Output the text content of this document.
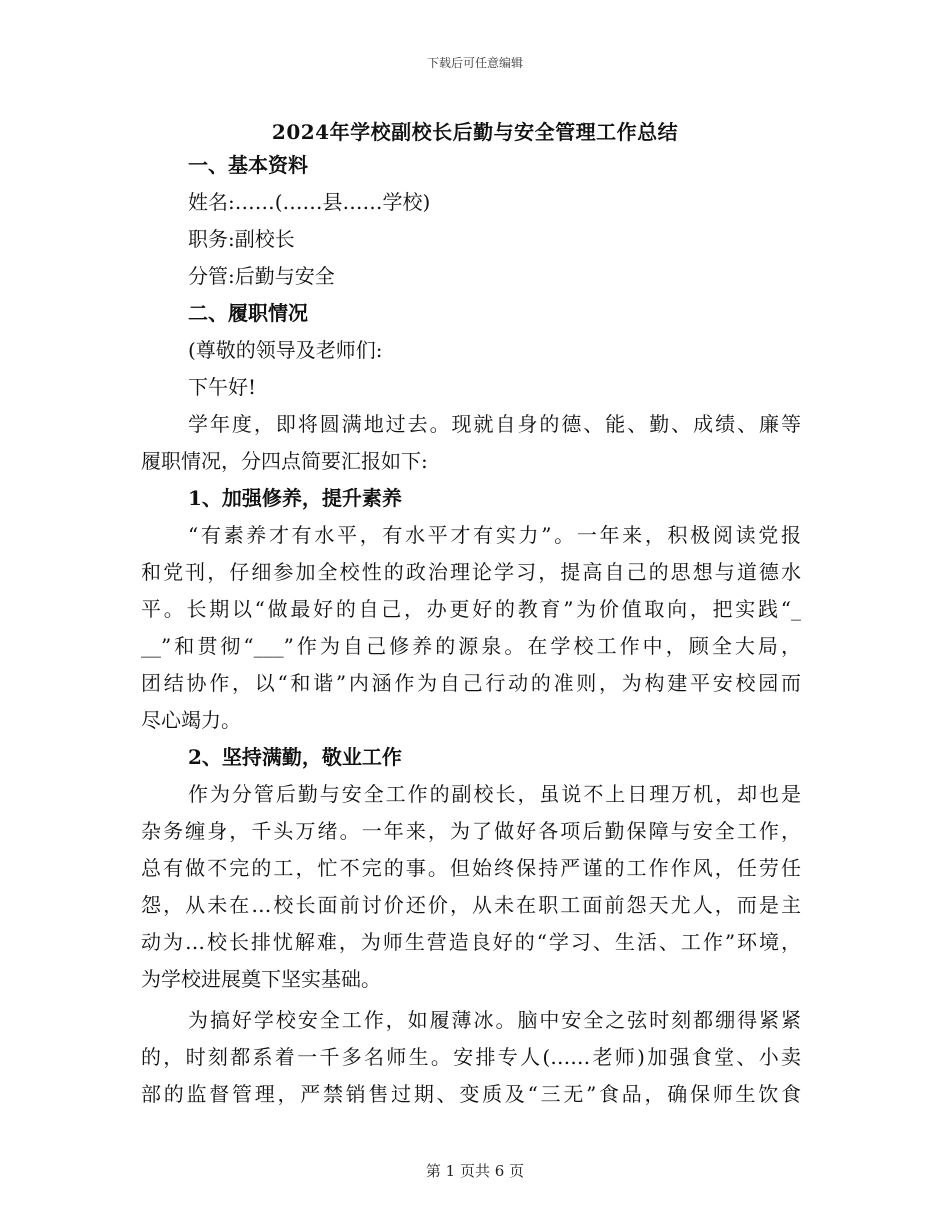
下载后可任意编辑
2024年学校副校长后勤与安全管理工作总结
一、基本资料
姓名:……(……县……学校)
职务:副校长
分管:后勤与安全
二、履职情况
(尊敬的领导及老师们:
下午好!
学年度，即将圆满地过去。现就自身的德、能、勤、成绩、廉等
履职情况，分四点简要汇报如下:
1、加强修养，提升素养
“有素养才有水平，有水平才有实力”。一年来，积极阅读党报
和党刊，仔细参加全校性的政治理论学习，提高自己的思想与道德水
平。长期以“做最好的自己，办更好的教育”为价值取向，把实践“_
__”和贯彻“___”作为自己修养的源泉。在学校工作中，顾全大局，
团结协作，以“和谐”内涵作为自己行动的准则，为构建平安校园而
尽心竭力。
2、坚持满勤，敬业工作
作为分管后勤与安全工作的副校长，虽说不上日理万机，却也是
杂务缠身，千头万绪。一年来，为了做好各项后勤保障与安全工作，
总有做不完的工，忙不完的事。但始终保持严谨的工作作风，任劳任
怨，从未在…校长面前讨价还价，从未在职工面前怨天尤人，而是主
动为…校长排忧解难，为师生营造良好的“学习、生活、工作”环境，
为学校进展奠下坚实基础。
为搞好学校安全工作，如履薄冰。脑中安全之弦时刻都绷得紧紧
的，时刻都系着一千多名师生。安排专人(……老师)加强食堂、小卖
部的监督管理，严禁销售过期、变质及“三无”食品，确保师生饮食
第 1 页共 6 页
